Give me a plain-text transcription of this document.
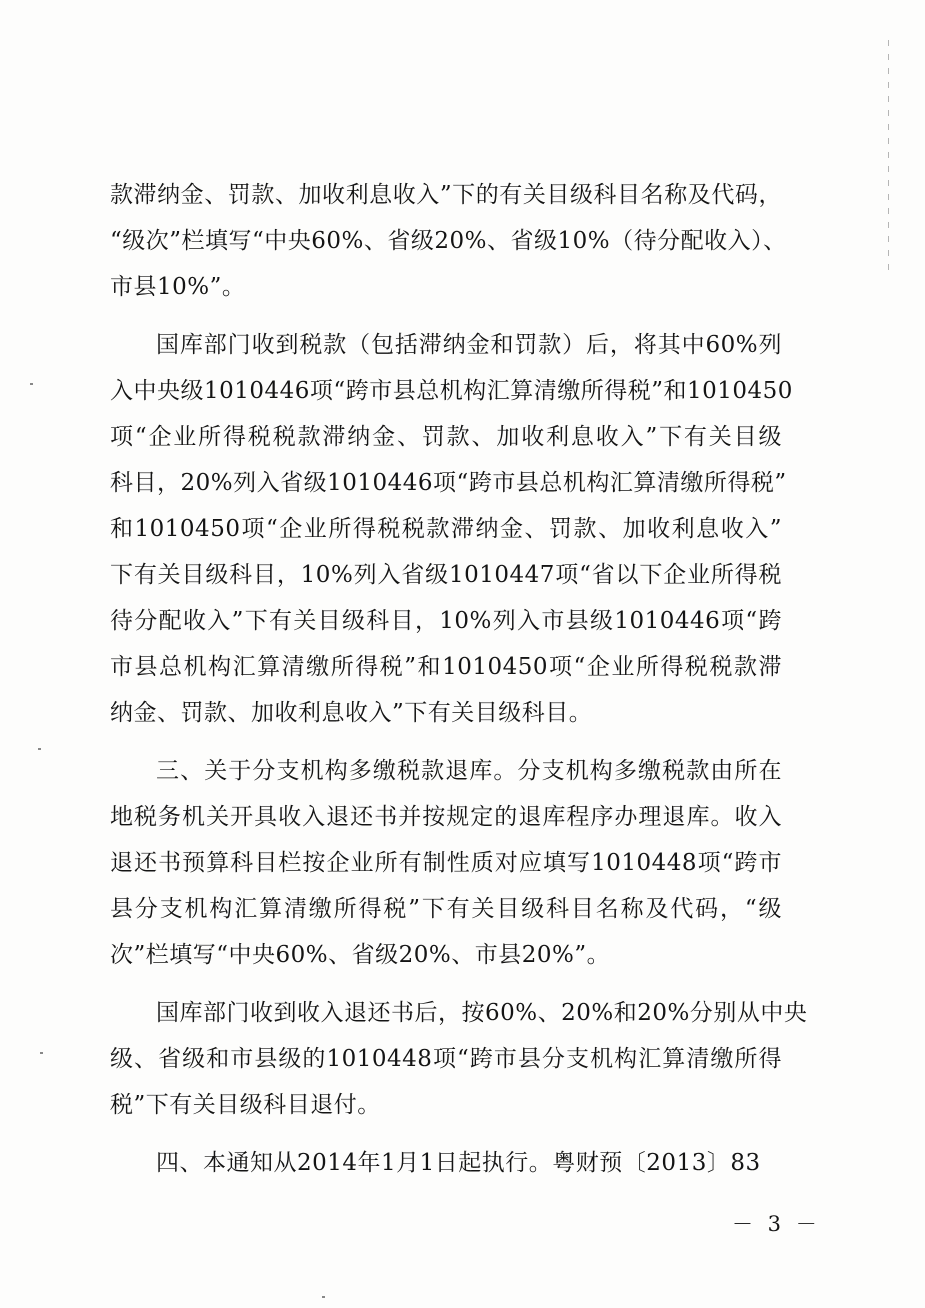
款滞纳金、罚款、加收利息收入”下的有关目级科目名称及代码，
“级次”栏填写“中央60%、省级20%、省级10%（待分配收入）、
市县10%”。
国库部门收到税款（包括滞纳金和罚款）后，将其中60%列
入中央级1010446项“跨市县总机构汇算清缴所得税”和1010450
项“企业所得税税款滞纳金、罚款、加收利息收入”下有关目级
科目，20%列入省级1010446项“跨市县总机构汇算清缴所得税”
和1010450项“企业所得税税款滞纳金、罚款、加收利息收入”
下有关目级科目，10%列入省级1010447项“省以下企业所得税
待分配收入”下有关目级科目，10%列入市县级1010446项“跨
市县总机构汇算清缴所得税”和1010450项“企业所得税税款滞
纳金、罚款、加收利息收入”下有关目级科目。
三、关于分支机构多缴税款退库。分支机构多缴税款由所在
地税务机关开具收入退还书并按规定的退库程序办理退库。收入
退还书预算科目栏按企业所有制性质对应填写1010448项“跨市
县分支机构汇算清缴所得税”下有关目级科目名称及代码，“级
次”栏填写“中央60%、省级20%、市县20%”。
国库部门收到收入退还书后，按60%、20%和20%分别从中央
级、省级和市县级的1010448项“跨市县分支机构汇算清缴所得
税”下有关目级科目退付。
四、本通知从2014年1月1日起执行。粤财预〔2013〕83
－ 3 －
